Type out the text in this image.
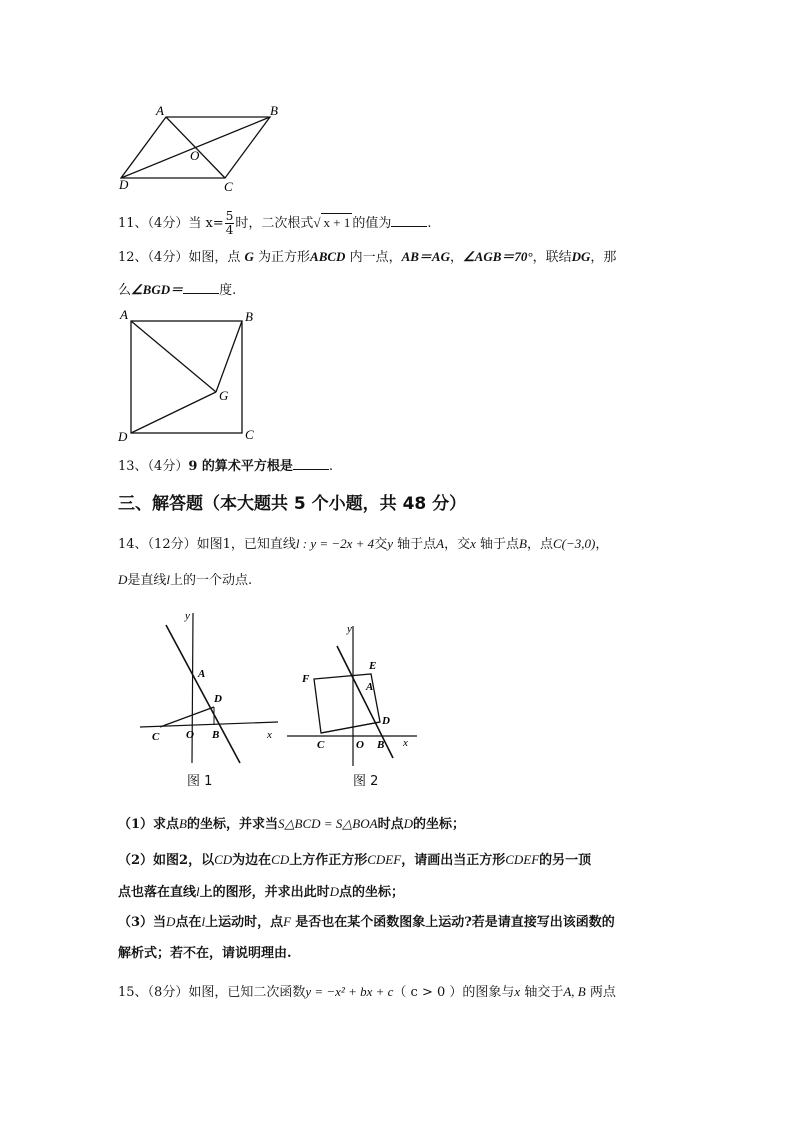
A	B
C
D
O
11、（4分）当 $x= \frac{5}{4}$ 时，二次根式√ x + 1 的值为	.
12、（4分）如图，点 G 为正方形ABCD 内一点，AB＝AG，∠AGB＝70°，联结DG，那
么∠BGD＝	度.
A	B
C
D
G
13、（4分）9 的算术平方根是	.
三、解答题（本大题共 5 个小题，共 48 分）
14、（12分）如图1，已知直线l : y = −2x + 4交y 轴于点A，交x 轴于点B，点C(−3,0)，
D是直线l上的一个动点.
y
x
A
D
C O B
图 1
y
x
F
E
A
D
C	O B
图 2
（1）求点B的坐标，并求当S△BCD = S△BOA时点D的坐标；
（2）如图2，以CD为边在CD上方作正方形CDEF，请画出当正方形CDEF的另一顶
点也落在直线l上的图形，并求出此时D点的坐标；
（3）当D点在l上运动时，点F 是否也在某个函数图象上运动?若是请直接写出该函数的
解析式；若不在，请说明理由.
15、（8分）如图，已知二次函数y = −x² + bx + c（ c > 0 ）的图象与x 轴交于A, B 两点
